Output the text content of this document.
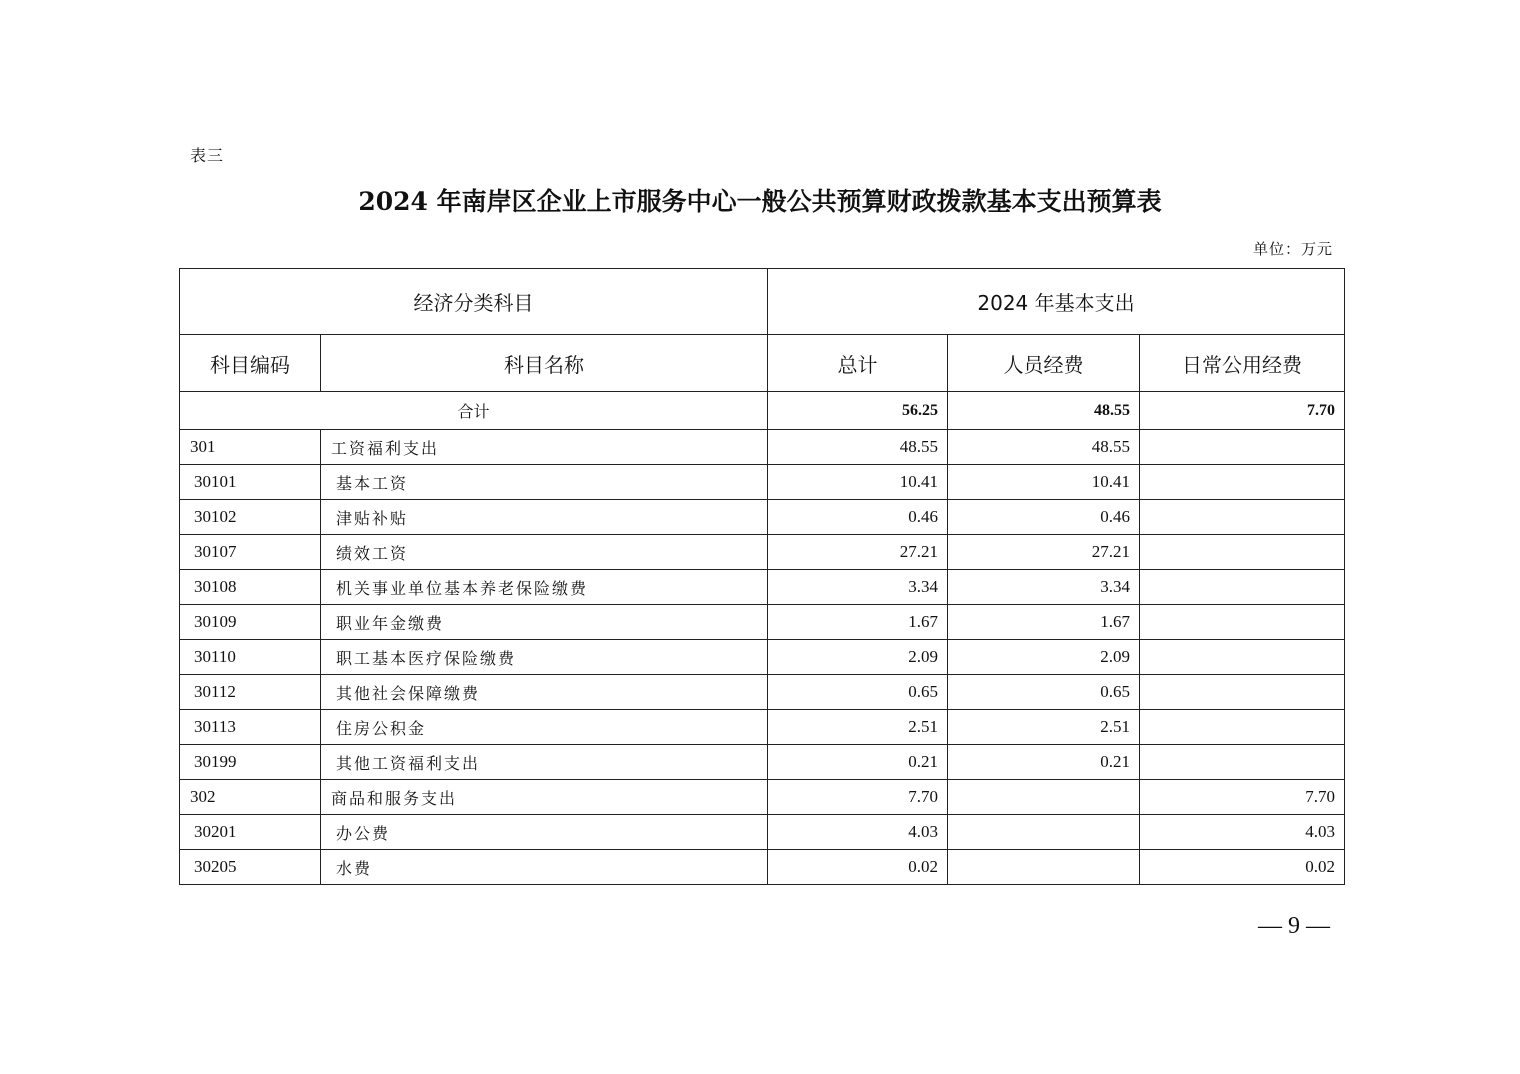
表三
2024 年南岸区企业上市服务中心一般公共预算财政拨款基本支出预算表
单位：万元
经济分类科目		2024 年基本支出		
科目编码	科目名称	总计	人员经费	日常公用经费
合计		56.25	48.55	7.70
301	工资福利支出	48.55	48.55	
30101	基本工资	10.41	10.41	
30102	津贴补贴	0.46	0.46	
30107	绩效工资	27.21	27.21	
30108	机关事业单位基本养老保险缴费	3.34	3.34	
30109	职业年金缴费	1.67	1.67	
30110	职工基本医疗保险缴费	2.09	2.09	
30112	其他社会保障缴费	0.65	0.65	
30113	住房公积金	2.51	2.51	
30199	其他工资福利支出	0.21	0.21	
302	商品和服务支出	7.70		7.70
30201	办公费	4.03		4.03
30205	水费	0.02		0.02
— 9 —
